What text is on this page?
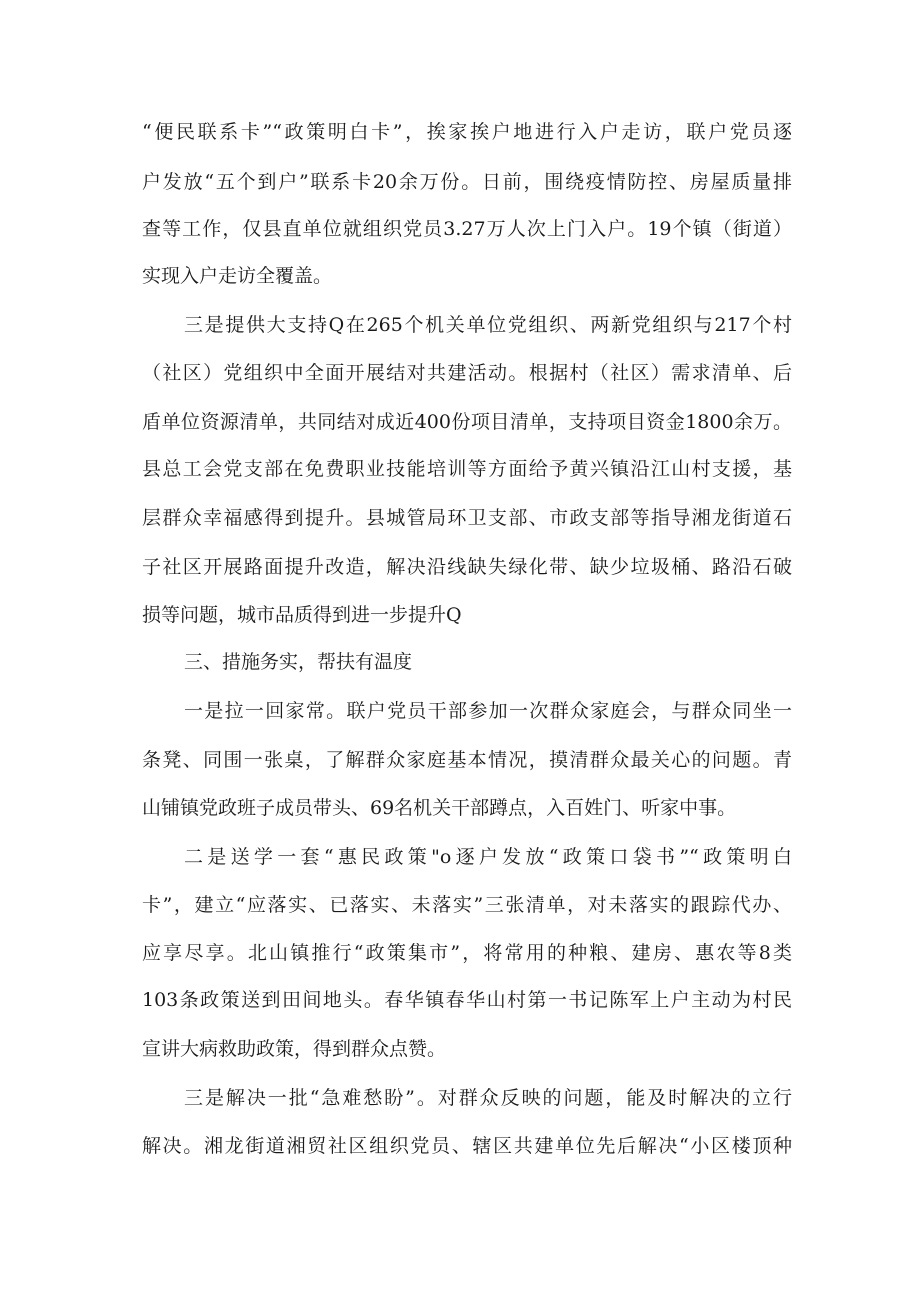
“便民联系卡”“政策明白卡”，挨家挨户地进行入户走访，联户党员逐

户发放“五个到户”联系卡20余万份。日前，围绕疫情防控、房屋质量排

查等工作，仅县直单位就组织党员3.27万人次上门入户。19个镇（街道）

实现入户走访全覆盖。

三是提供大支持Q在265个机关单位党组织、两新党组织与217个村

（社区）党组织中全面开展结对共建活动。根据村（社区）需求清单、后

盾单位资源清单，共同结对成近400份项目清单，支持项目资金1800余万。

县总工会党支部在免费职业技能培训等方面给予黄兴镇沿江山村支援，基

层群众幸福感得到提升。县城管局环卫支部、市政支部等指导湘龙街道石

子社区开展路面提升改造，解决沿线缺失绿化带、缺少垃圾桶、路沿石破

损等问题，城市品质得到进一步提升Q

三、措施务实，帮扶有温度

一是拉一回家常。联户党员干部参加一次群众家庭会，与群众同坐一

条凳、同围一张桌，了解群众家庭基本情况，摸清群众最关心的问题。青

山铺镇党政班子成员带头、69名机关干部蹲点，入百姓门、听家中事。

二是送学一套“惠民政策"o逐户发放“政策口袋书”“政策明白

卡”，建立“应落实、已落实、未落实”三张清单，对未落实的跟踪代办、

应享尽享。北山镇推行“政策集市”，将常用的种粮、建房、惠农等8类

103条政策送到田间地头。春华镇春华山村第一书记陈军上户主动为村民

宣讲大病救助政策，得到群众点赞。

三是解决一批“急难愁盼”。对群众反映的问题，能及时解决的立行

解决。湘龙街道湘贸社区组织党员、辖区共建单位先后解决“小区楼顶种
